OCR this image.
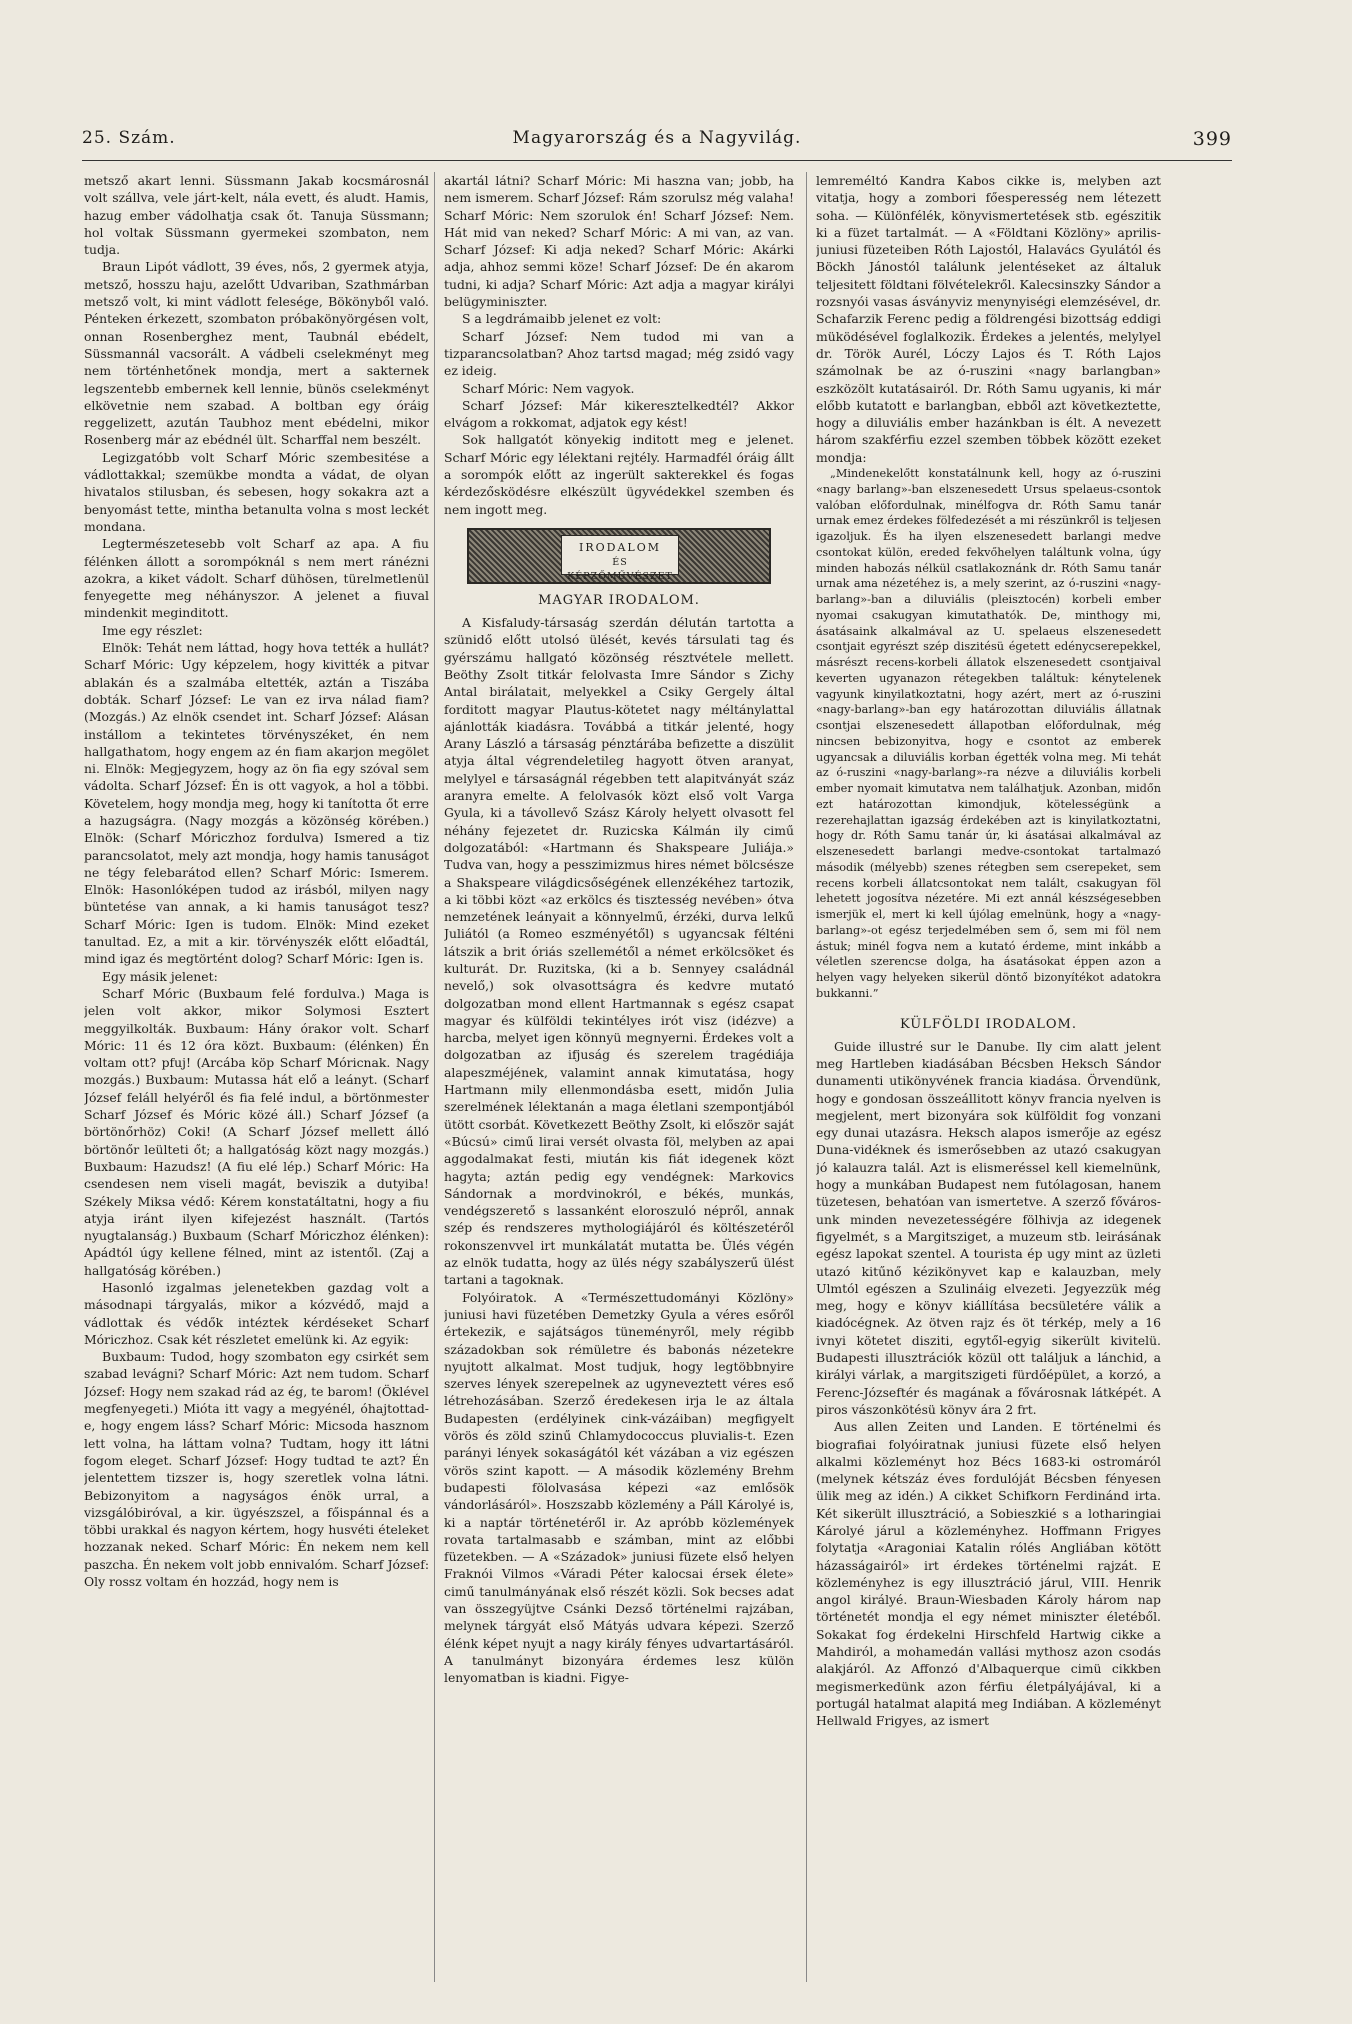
25. Szám.	Magyarország és a Nagyvilág.	399

metsző akart lenni. Süssmann Jakab kocsmárosnál volt szállva, vele járt-kelt, nála evett, és aludt. Hamis, hazug ember vádolhatja csak őt. Tanuja Süssmann; hol voltak Süssmann gyermekei szombaton, nem tudja.

Braun Lipót vádlott, 39 éves, nős, 2 gyermek atyja, metsző, hosszu haju, azelőtt Udvariban, Szathmárban metsző volt, ki mint vádlott felesége, Bökönyből való. Pénteken érkezett, szombaton próbakönyörgésen volt, onnan Rosenberghez ment, Taubnál ebédelt, Süssmannál vacsorált. A vádbeli cselekményt meg nem történhetőnek mondja, mert a sakternek legszentebb embernek kell lennie, bünös cselekményt elkövetnie nem szabad. A boltban egy óráig reggelizett, azután Taubhoz ment ebédelni, mikor Rosenberg már az ebédnél ült. Scharffal nem beszélt.

Legizgatóbb volt Scharf Móric szembesitése a vádlottakkal; szemükbe mondta a vádat, de olyan hivatalos stilusban, és sebesen, hogy sokakra azt a benyomást tette, mintha betanulta volna s most leckét mondana.

Legtermészetesebb volt Scharf az apa. A fiu félénken állott a sorompóknál s nem mert ránézni azokra, a kiket vádolt. Scharf dühösen, türelmetlenül fenyegette meg néhányszor. A jelenet a fiuval mindenkit meginditott.

Ime egy részlet:

Elnök: Tehát nem láttad, hogy hova tették a hullát? Scharf Móric: Ugy képzelem, hogy kivitték a pitvar ablakán és a szalmába eltették, aztán a Tiszába dobták. Scharf József: Le van ez irva nálad fiam? (Mozgás.) Az elnök csendet int. Scharf József: Alásan instállom a tekintetes törvényszéket, én nem hallgathatom, hogy engem az én fiam akarjon megölet ni. Elnök: Megjegyzem, hogy az ön fia egy szóval sem vádolta. Scharf József: Én is ott vagyok, a hol a többi. Követelem, hogy mondja meg, hogy ki tanította őt erre a hazugságra. (Nagy mozgás a közönség körében.) Elnök: (Scharf Móriczhoz fordulva) Ismered a tiz parancsolatot, mely azt mondja, hogy hamis tanuságot ne tégy felebarátod ellen? Scharf Móric: Ismerem. Elnök: Hasonlóképen tudod az irásból, milyen nagy büntetése van annak, a ki hamis tanuságot tesz? Scharf Móric: Igen is tudom. Elnök: Mind ezeket tanultad. Ez, a mit a kir. törvényszék előtt előadtál, mind igaz és megtörtént dolog? Scharf Móric: Igen is.

Egy másik jelenet:

Scharf Móric (Buxbaum felé fordulva.) Maga is jelen volt akkor, mikor Solymosi Esztert meggyilkolták. Buxbaum: Hány órakor volt. Scharf Móric: 11 és 12 óra közt. Buxbaum: (élénken) Én voltam ott? pfuj! (Arcába köp Scharf Móricnak. Nagy mozgás.) Buxbaum: Mutassa hát elő a leányt. (Scharf József feláll helyéről és fia felé indul, a börtönmester Scharf József és Móric közé áll.) Scharf József (a börtönőrhöz) Coki! (A Scharf József mellett álló börtönőr leülteti őt; a hallgatóság közt nagy mozgás.) Buxbaum: Hazudsz! (A fiu elé lép.) Scharf Móric: Ha csendesen nem viseli magát, beviszik a dutyiba! Székely Miksa védő: Kérem konstatáltatni, hogy a fiu atyja iránt ilyen kifejezést használt. (Tartós nyugtalanság.) Buxbaum (Scharf Móriczhoz élénken): Apádtól úgy kellene félned, mint az istentől. (Zaj a hallgatóság körében.)

Hasonló izgalmas jelenetekben gazdag volt a másodnapi tárgyalás, mikor a kózvédő, majd a vádlottak és védők intéztek kérdéseket Scharf Móriczhoz. Csak két részletet emelünk ki. Az egyik:

Buxbaum: Tudod, hogy szombaton egy csirkét sem szabad levágni? Scharf Móric: Azt nem tudom. Scharf József: Hogy nem szakad rád az ég, te barom! (Öklével megfenyegeti.) Mióta itt vagy a megyénél, óhajtottad-e, hogy engem láss? Scharf Móric: Micsoda hasznom lett volna, ha láttam volna? Tudtam, hogy itt látni fogom eleget. Scharf József: Hogy tudtad te azt? Én jelentettem tizszer is, hogy szeretlek volna látni. Bebizonyitom a nagyságos énök urral, a vizsgálóbiróval, a kir. ügyészszel, a főispánnal és a többi urakkal és nagyon kértem, hogy husvéti ételeket hozzanak neked. Scharf Móric: Én nekem nem kell paszcha. Én nekem volt jobb ennivalóm. Scharf József: Oly rossz voltam én hozzád, hogy nem is

akartál látni? Scharf Móric: Mi haszna van; jobb, ha nem ismerem. Scharf József: Rám szorulsz még valaha! Scharf Móric: Nem szorulok én! Scharf József: Nem. Hát mid van neked? Scharf Móric: A mi van, az van. Scharf József: Ki adja neked? Scharf Móric: Akárki adja, ahhoz semmi köze! Scharf József: De én akarom tudni, ki adja? Scharf Móric: Azt adja a magyar királyi belügyminiszter.

S a legdrámaibb jelenet ez volt:

Scharf József: Nem tudod mi van a tizparancsolatban? Ahoz tartsd magad; még zsidó vagy ez ideig.

Scharf Móric: Nem vagyok.

Scharf József: Már kikeresztelkedtél? Akkor elvágom a rokkomat, adjatok egy kést!

Sok hallgatót könyekig inditott meg e jelenet. Scharf Móric egy lélektani rejtély. Harmadfél óráig állt a sorompók előtt az ingerült sakterekkel és fogas kérdezősködésre elkészült ügyvédekkel szemben és nem ingott meg.

IRODALOM
ÉS KÉPZŐMŰVÉSZET
MAGYAR IRODALOM.

A Kisfaludy-társaság szerdán délután tartotta a szünidő előtt utolsó ülését, kevés társulati tag és gyérszámu hallgató közönség résztvétele mellett. Beöthy Zsolt titkár felolvasta Imre Sándor s Zichy Antal birálatait, melyekkel a Csiky Gergely által forditott magyar Plautus-kötetet nagy méltánylattal ajánlották kiadásra. Továbbá a titkár jelenté, hogy Arany László a társaság pénztárába befizette a diszülit atyja által végrendeletileg hagyott ötven aranyat, melylyel e társaságnál régebben tett alapitványát száz aranyra emelte. A felolvasók közt első volt Varga Gyula, ki a távollevő Szász Károly helyett olvasott fel néhány fejezetet dr. Ruzicska Kálmán ily cimű dolgozatából: «Hartmann és Shakspeare Juliája.» Tudva van, hogy a pesszimizmus hires német bölcsésze a Shakspeare világdicsőségének ellenzékéhez tartozik, a ki többi közt «az erkölcs és tisztesség nevében» ótva nemzetének leányait a könnyelmű, érzéki, durva lelkű Juliától (a Romeo eszményétől) s ugyancsak félténi látszik a brit óriás szellemétől a német erkölcsöket és kulturát. Dr. Ruzitska, (ki a b. Sennyey családnál nevelő,) sok olvasottságra és kedvre mutató dolgozatban mond ellent Hartmannak s egész csapat magyar és külföldi tekintélyes irót visz (idézve) a harcba, melyet igen könnyü megnyerni. Érdekes volt a dolgozatban az ifjuság és szerelem tragédiája alapeszméjének, valamint annak kimutatása, hogy Hartmann mily ellenmondásba esett, midőn Julia szerelmének lélektanán a maga életlani szempontjából ütött csorbát. Következett Beöthy Zsolt, ki először saját «Búcsú» cimű lirai versét olvasta föl, melyben az apai aggodalmakat festi, miután kis fiát idegenek közt hagyta; aztán pedig egy vendégnek: Markovics Sándornak a mordvinokról, e békés, munkás, vendégszerető s lassanként eloroszuló népről, annak szép és rendszeres mythologiájáról és költészetéről rokonszenvvel irt munkálatát mutatta be. Ülés végén az elnök tudatta, hogy az ülés négy szabályszerű ülést tartani a tagoknak.

Folyóiratok. A «Természettudományi Közlöny» juniusi havi füzetében Demetzky Gyula a véres esőről értekezik, e sajátságos tüneményről, mely régibb századokban sok rémületre és babonás nézetekre nyujtott alkalmat. Most tudjuk, hogy legtöbbnyire szerves lények szerepelnek az ugyneveztett véres eső létrehozásában. Szerző éredekesen irja le az általa Budapesten (erdélyinek cink-vázáiban) megfigyelt vörös és zöld szinű Chlamydococcus pluvialis-t. Ezen parányi lények sokaságától két vázában a viz egészen vörös szint kapott. — A második közlemény Brehm budapesti fölolvasása képezi «az emlősök vándorlásáról». Hoszszabb közlemény a Páll Károlyé is, ki a naptár történetéről ir. Az apróbb közlemények rovata tartalmasabb e számban, mint az előbbi füzetekben. — A «Századok» juniusi füzete első helyen Fraknói Vilmos «Váradi Péter kalocsai érsek élete» cimű tanulmányának első részét közli. Sok becses adat van összegyüjtve Csánki Dezső történelmi rajzában, melynek tárgyát első Mátyás udvara képezi. Szerző élénk képet nyujt a nagy király fényes udvartartásáról. A tanulmányt bizonyára érdemes lesz külön lenyomatban is kiadni. Figye-

lemreméltó Kandra Kabos cikke is, melyben azt vitatja, hogy a zombori főesperesség nem létezett soha. — Különfélék, könyvismertetések stb. egészitik ki a füzet tartalmát. — A «Földtani Közlöny» aprilis-juniusi füzeteiben Róth Lajostól, Halavács Gyulától és Böckh Jánostól találunk jelentéseket az általuk teljesitett földtani fölvételekről. Kalecsinszky Sándor a rozsnyói vasas ásványviz menynyiségi elemzésével, dr. Schafarzik Ferenc pedig a földrengési bizottság eddigi müködésével foglalkozik. Érdekes a jelentés, melylyel dr. Török Aurél, Lóczy Lajos és T. Róth Lajos számolnak be az ó-ruszini «nagy barlangban» eszközölt kutatásairól. Dr. Róth Samu ugyanis, ki már előbb kutatott e barlangban, ebből azt következtette, hogy a diluviális ember hazánkban is élt. A nevezett három szakférfiu ezzel szemben többek között ezeket mondja:

„Mindenekelőtt konstatálnunk kell, hogy az ó-ruszini «nagy barlang»-ban elszenesedett Ursus spelaeus-csontok valóban előfordulnak, minélfogva dr. Róth Samu tanár urnak emez érdekes fölfedezését a mi részünkről is teljesen igazoljuk. És ha ilyen elszenesedett barlangi medve csontokat külön, ereded fekvőhelyen találtunk volna, úgy minden habozás nélkül csatlakoznánk dr. Róth Samu tanár urnak ama nézetéhez is, a mely szerint, az ó-ruszini «nagy-barlang»-ban a diluviális (pleisztocén) korbeli ember nyomai csakugyan kimutathatók. De, minthogy mi, ásatásaink alkalmával az U. spelaeus elszenesedett csontjait egyrészt szép diszitésü égetett edénycserepekkel, másrészt recens-korbeli állatok elszenesedett csontjaival keverten ugyanazon rétegekben találtuk: kénytelenek vagyunk kinyilatkoztatni, hogy azért, mert az ó-ruszini «nagy-barlang»-ban egy határozottan diluviális állatnak csontjai elszenesedett állapotban előfordulnak, még nincsen bebizonyitva, hogy e csontot az emberek ugyancsak a diluviális korban égették volna meg. Mi tehát az ó-ruszini «nagy-barlang»-ra nézve a diluviális korbeli ember nyomait kimutatva nem találhatjuk. Azonban, midőn ezt határozottan kimondjuk, kötelességünk a rezerehajlattan igazság érdekében azt is kinyilatkoztatni, hogy dr. Róth Samu tanár úr, ki ásatásai alkalmával az elszenesedett barlangi medve-csontokat tartalmazó második (mélyebb) szenes rétegben sem cserepeket, sem recens korbeli állatcsontokat nem talált, csakugyan föl lehetett jogosítva nézetére. Mi ezt annál készségesebben ismerjük el, mert ki kell újólag emelnünk, hogy a «nagy-barlang»-ot egész terjedelmében sem ő, sem mi föl nem ástuk; minél fogva nem a kutató érdeme, mint inkább a véletlen szerencse dolga, ha ásatásokat éppen azon a helyen vagy helyeken sikerül döntő bizonyítékot adatokra bukkanni.”

KÜLFÖLDI IRODALOM.

Guide illustré sur le Danube. Ily cim alatt jelent meg Hartleben kiadásában Bécsben Heksch Sándor dunamenti utikönyvének francia kiadása. Örvendünk, hogy e gondosan összeállitott könyv francia nyelven is megjelent, mert bizonyára sok külföldit fog vonzani egy dunai utazásra. Heksch alapos ismerője az egész Duna-vidéknek és ismerősebben az utazó csakugyan jó kalauzra talál. Azt is elismeréssel kell kiemelnünk, hogy a munkában Budapest nem futólagosan, hanem tüzetesen, behatóan van ismertetve. A szerző fővárosunk minden nevezetességére fölhivja az idegenek figyelmét, s a Margitsziget, a muzeum stb. leirásának egész lapokat szentel. A tourista ép ugy mint az üzleti utazó kitűnő kézikönyvet kap e kalauzban, mely Ulmtól egészen a Szulináig elvezeti. Jegyezzük még meg, hogy e könyv kiállítása becsületére válik a kiadócégnek. Az ötven rajz és öt térkép, mely a 16 ivnyi kötetet disziti, egytől-egyig sikerült kivitelü. Budapesti illusztrációk közül ott találjuk a lánchid, a királyi várlak, a margitszigeti fürdőépület, a korzó, a Ferenc-Józseftér és magának a fővárosnak látképét. A piros vászonkötésü könyv ára 2 frt.

Aus allen Zeiten und Landen. E történelmi és biografiai folyóiratnak juniusi füzete első helyen alkalmi közleményt hoz Bécs 1683-ki ostromáról (melynek kétszáz éves fordulóját Bécsben fényesen ülik meg az idén.) A cikket Schifkorn Ferdinánd irta. Két sikerült illusztráció, a Sobieszkié s a lotharingiai Károlyé járul a közleményhez. Hoffmann Frigyes folytatja «Aragoniai Katalin rólés Angliában kötött házasságairól» irt érdekes történelmi rajzát. E közleményhez is egy illusztráció járul, VIII. Henrik angol királyé. Braun-Wiesbaden Károly három nap történetét mondja el egy német miniszter életéből. Sokakat fog érdekelni Hirschfeld Hartwig cikke a Mahdiról, a mohamedán vallási mythosz azon csodás alakjáról. Az Affonzó d'Albaquerque cimü cikkben megismerkedünk azon férfiu életpályájával, ki a portugál hatalmat alapitá meg Indiában. A közleményt Hellwald Frigyes, az ismert
